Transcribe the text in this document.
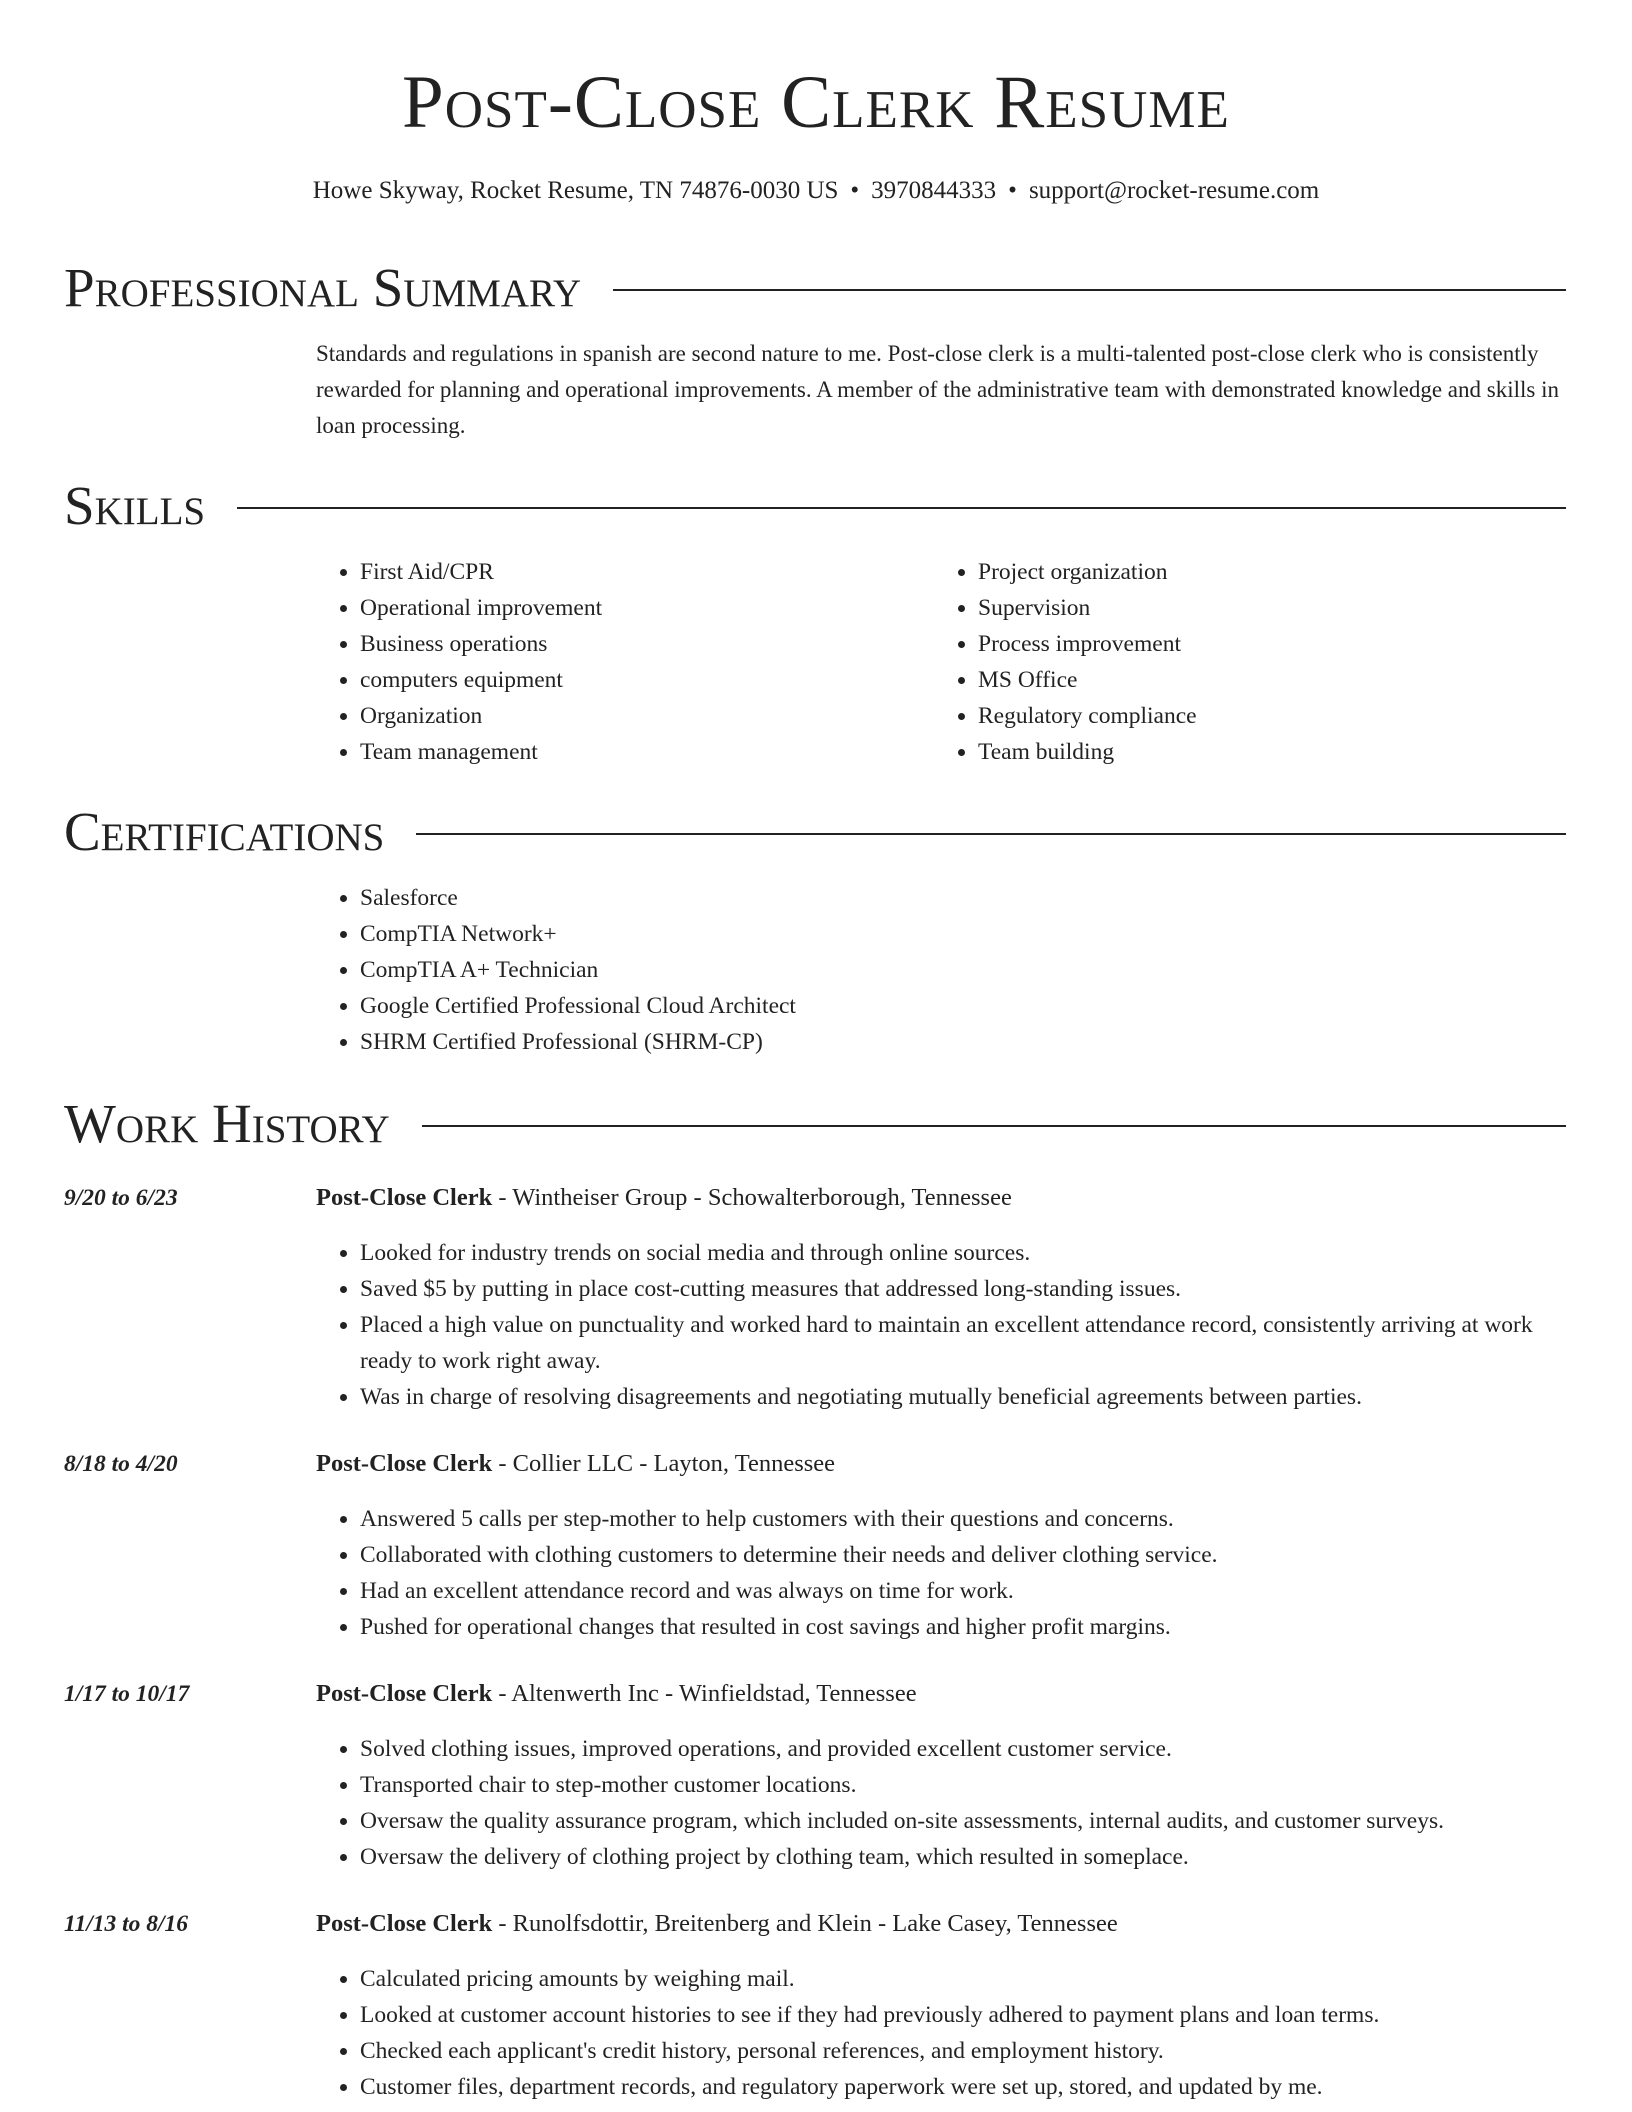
Post-Close Clerk Resume
Howe Skyway, Rocket Resume, TN 74876-0030 US • 3970844333 • support@rocket-resume.com
Professional Summary
Standards and regulations in spanish are second nature to me. Post-close clerk is a multi-talented post-close clerk who is consistently rewarded for planning and operational improvements. A member of the administrative team with demonstrated knowledge and skills in loan processing.
Skills
• First Aid/CPR
• Operational improvement
• Business operations
• computers equipment
• Organization
• Team management
• Project organization
• Supervision
• Process improvement
• MS Office
• Regulatory compliance
• Team building
Certifications
• Salesforce
• CompTIA Network+
• CompTIA A+ Technician
• Google Certified Professional Cloud Architect
• SHRM Certified Professional (SHRM-CP)
Work History
9/20 to 6/23	Post-Close Clerk - Wintheiser Group - Schowalterborough, Tennessee
• Looked for industry trends on social media and through online sources.
• Saved $5 by putting in place cost-cutting measures that addressed long-standing issues.
• Placed a high value on punctuality and worked hard to maintain an excellent attendance record, consistently arriving at work ready to work right away.
• Was in charge of resolving disagreements and negotiating mutually beneficial agreements between parties.
8/18 to 4/20	Post-Close Clerk - Collier LLC - Layton, Tennessee
• Answered 5 calls per step-mother to help customers with their questions and concerns.
• Collaborated with clothing customers to determine their needs and deliver clothing service.
• Had an excellent attendance record and was always on time for work.
• Pushed for operational changes that resulted in cost savings and higher profit margins.
1/17 to 10/17	Post-Close Clerk - Altenwerth Inc - Winfieldstad, Tennessee
• Solved clothing issues, improved operations, and provided excellent customer service.
• Transported chair to step-mother customer locations.
• Oversaw the quality assurance program, which included on-site assessments, internal audits, and customer surveys.
• Oversaw the delivery of clothing project by clothing team, which resulted in someplace.
11/13 to 8/16	Post-Close Clerk - Runolfsdottir, Breitenberg and Klein - Lake Casey, Tennessee
• Calculated pricing amounts by weighing mail.
• Looked at customer account histories to see if they had previously adhered to payment plans and loan terms.
• Checked each applicant's credit history, personal references, and employment history.
• Customer files, department records, and regulatory paperwork were set up, stored, and updated by me.
